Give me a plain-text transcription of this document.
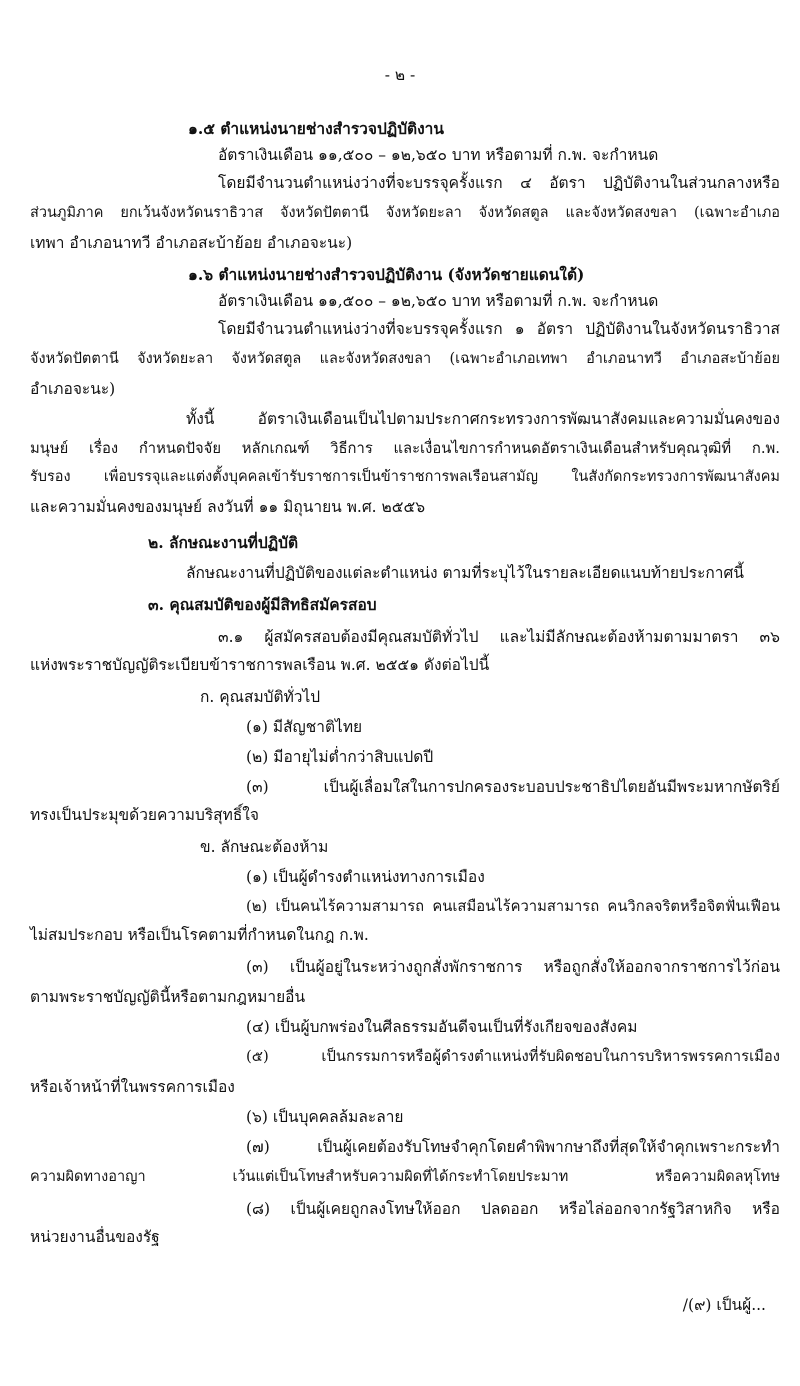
- ๒ -
๑.๕ ตำแหน่งนายช่างสำรวจปฏิบัติงาน
อัตราเงินเดือน ๑๑,๕๐๐ – ๑๒,๖๕๐ บาท หรือตามที่ ก.พ. จะกำหนด
โดยมีจำนวนตำแหน่งว่างที่จะบรรจุครั้งแรก ๔ อัตรา ปฏิบัติงานในส่วนกลางหรือ
ส่วนภูมิภาค ยกเว้นจังหวัดนราธิวาส จังหวัดปัตตานี จังหวัดยะลา จังหวัดสตูล และจังหวัดสงขลา (เฉพาะอำเภอ
เทพา อำเภอนาทวี อำเภอสะบ้าย้อย อำเภอจะนะ)
๑.๖ ตำแหน่งนายช่างสำรวจปฏิบัติงาน (จังหวัดชายแดนใต้)
อัตราเงินเดือน ๑๑,๕๐๐ – ๑๒,๖๕๐ บาท หรือตามที่ ก.พ. จะกำหนด
โดยมีจำนวนตำแหน่งว่างที่จะบรรจุครั้งแรก ๑ อัตรา ปฏิบัติงานในจังหวัดนราธิวาส
จังหวัดปัตตานี จังหวัดยะลา จังหวัดสตูล และจังหวัดสงขลา (เฉพาะอำเภอเทพา อำเภอนาทวี อำเภอสะบ้าย้อย
อำเภอจะนะ)
ทั้งนี้ อัตราเงินเดือนเป็นไปตามประกาศกระทรวงการพัฒนาสังคมและความมั่นคงของ
มนุษย์ เรื่อง กำหนดปัจจัย หลักเกณฑ์ วิธีการ และเงื่อนไขการกำหนดอัตราเงินเดือนสำหรับคุณวุฒิที่ ก.พ.
รับรอง เพื่อบรรจุและแต่งตั้งบุคคลเข้ารับราชการเป็นข้าราชการพลเรือนสามัญ ในสังกัดกระทรวงการพัฒนาสังคม
และความมั่นคงของมนุษย์ ลงวันที่ ๑๑ มิถุนายน พ.ศ. ๒๕๕๖
๒. ลักษณะงานที่ปฏิบัติ
ลักษณะงานที่ปฏิบัติของแต่ละตำแหน่ง ตามที่ระบุไว้ในรายละเอียดแนบท้ายประกาศนี้
๓. คุณสมบัติของผู้มีสิทธิสมัครสอบ
๓.๑ ผู้สมัครสอบต้องมีคุณสมบัติทั่วไป และไม่มีลักษณะต้องห้ามตามมาตรา ๓๖
แห่งพระราชบัญญัติระเบียบข้าราชการพลเรือน พ.ศ. ๒๕๕๑ ดังต่อไปนี้
ก. คุณสมบัติทั่วไป
(๑) มีสัญชาติไทย
(๒) มีอายุไม่ต่ำกว่าสิบแปดปี
(๓) เป็นผู้เลื่อมใสในการปกครองระบอบประชาธิปไตยอันมีพระมหากษัตริย์
ทรงเป็นประมุขด้วยความบริสุทธิ์ใจ
ข. ลักษณะต้องห้าม
(๑) เป็นผู้ดำรงตำแหน่งทางการเมือง
(๒) เป็นคนไร้ความสามารถ คนเสมือนไร้ความสามารถ คนวิกลจริตหรือจิตฟั่นเฟือน
ไม่สมประกอบ หรือเป็นโรคตามที่กำหนดในกฎ ก.พ.
(๓) เป็นผู้อยู่ในระหว่างถูกสั่งพักราชการ หรือถูกสั่งให้ออกจากราชการไว้ก่อน
ตามพระราชบัญญัตินี้หรือตามกฎหมายอื่น
(๔) เป็นผู้บกพร่องในศีลธรรมอันดีจนเป็นที่รังเกียจของสังคม
(๕) เป็นกรรมการหรือผู้ดำรงตำแหน่งที่รับผิดชอบในการบริหารพรรคการเมือง
หรือเจ้าหน้าที่ในพรรคการเมือง
(๖) เป็นบุคคลล้มละลาย
(๗) เป็นผู้เคยต้องรับโทษจำคุกโดยคำพิพากษาถึงที่สุดให้จำคุกเพราะกระทำ
ความผิดทางอาญา เว้นแต่เป็นโทษสำหรับความผิดที่ได้กระทำโดยประมาท หรือความผิดลหุโทษ
(๘) เป็นผู้เคยถูกลงโทษให้ออก ปลดออก หรือไล่ออกจากรัฐวิสาหกิจ หรือ
หน่วยงานอื่นของรัฐ
/(๙) เป็นผู้...
